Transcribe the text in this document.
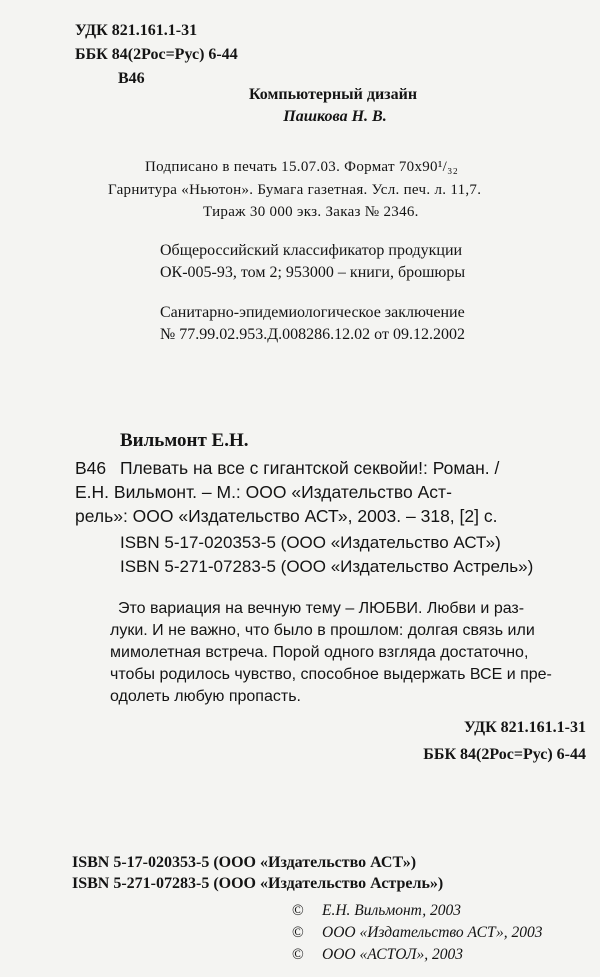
УДК 821.161.1-31
ББК 84(2Рос=Рус) 6-44
В46
Компьютерный дизайн
Пашкова Н. В.
Подписано в печать 15.07.03. Формат 70х90¹/₃₂
Гарнитура «Ньютон». Бумага газетная. Усл. печ. л. 11,7.
Тираж 30 000 экз. Заказ № 2346.
Общероссийский классификатор продукции
ОК-005-93, том 2; 953000 – книги, брошюры
Санитарно-эпидемиологическое заключение
№ 77.99.02.953.Д.008286.12.02 от 09.12.2002
Вильмонт Е.Н.
В46 Плевать на все с гигантской секвойи!: Роман. /
Е.Н. Вильмонт. – М.: ООО «Издательство Аст-
рель»: ООО «Издательство АСТ», 2003. – 318, [2] с.
ISBN 5-17-020353-5 (ООО «Издательство АСТ»)
ISBN 5-271-07283-5 (ООО «Издательство Астрель»)
Это вариация на вечную тему – ЛЮБВИ. Любви и раз-
луки. И не важно, что было в прошлом: долгая связь или
мимолетная встреча. Порой одного взгляда достаточно,
чтобы родилось чувство, способное выдержать ВСЕ и пре-
одолеть любую пропасть.
УДК 821.161.1-31
ББК 84(2Рос=Рус) 6-44
ISBN 5-17-020353-5 (ООО «Издательство АСТ»)
ISBN 5-271-07283-5 (ООО «Издательство Астрель»)
© Е.Н. Вильмонт, 2003
© ООО «Издательство АСТ», 2003
© ООО «АСТОЛ», 2003
